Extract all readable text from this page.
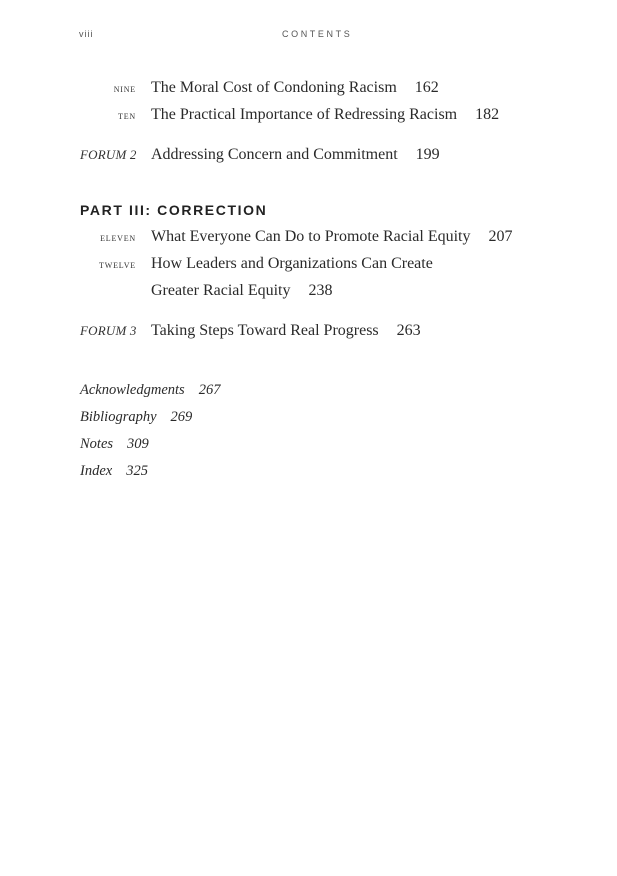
viii	CONTENTS
nine The Moral Cost of Condoning Racism 162
ten The Practical Importance of Redressing Racism 182
FORUM 2 Addressing Concern and Commitment 199
PART III: CORRECTION
eleven What Everyone Can Do to Promote Racial Equity 207
twelve How Leaders and Organizations Can Create
Greater Racial Equity 238
FORUM 3 Taking Steps Toward Real Progress 263
Acknowledgments 267
Bibliography 269
Notes 309
Index 325
